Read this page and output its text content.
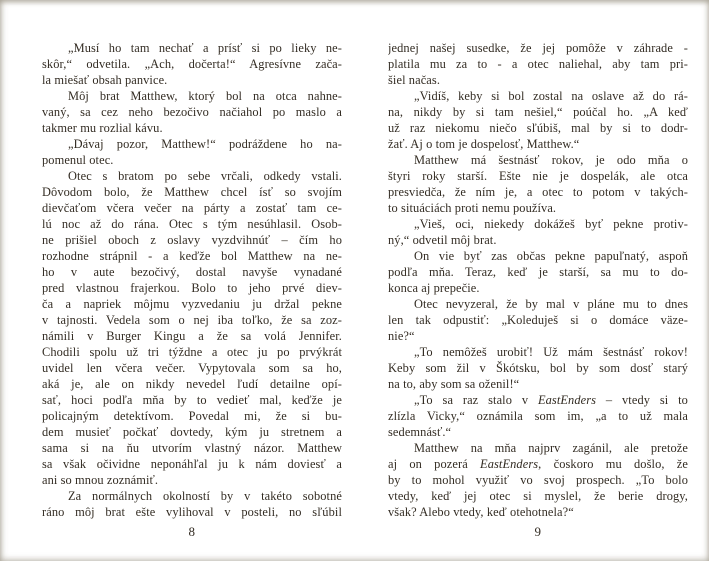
„Musí ho tam nechať a prísť si po lieky ne-
skôr,“ odvetila. „Ach, dočerta!“ Agresívne zača-
la miešať obsah panvice.
Môj brat Matthew, ktorý bol na otca nahne-
vaný, sa cez neho bezočivo načiahol po maslo a
takmer mu rozlial kávu.
„Dávaj pozor, Matthew!“ podráždene ho na-
pomenul otec.
Otec s bratom po sebe vrčali, odkedy vstali.
Dôvodom bolo, že Matthew chcel ísť so svojím
dievčaťom včera večer na párty a zostať tam ce-
lú noc až do rána. Otec s tým nesúhlasil. Osob-
ne prišiel oboch z oslavy vyzdvihnúť – čím ho
rozhodne strápnil - a keďže bol Matthew na ne-
ho v aute bezočivý, dostal navyše vynadané
pred vlastnou frajerkou. Bolo to jeho prvé diev-
ča a napriek môjmu vyzvedaniu ju držal pekne
v tajnosti. Vedela som o nej iba toľko, že sa zoz-
námili v Burger Kingu a že sa volá Jennifer.
Chodili spolu už tri týždne a otec ju po prvýkrát
uvidel len včera večer. Vypytovala som sa ho,
aká je, ale on nikdy nevedel ľudí detailne opí-
sať, hoci podľa mňa by to vedieť mal, keďže je
policajným detektívom. Povedal mi, že si bu-
dem musieť počkať dovtedy, kým ju stretnem a
sama si na ňu utvorím vlastný názor. Matthew
sa však očividne neponáhľal ju k nám doviesť a
ani so mnou zoznámiť.
Za normálnych okolností by v takéto sobotné
ráno môj brat ešte vylihoval v posteli, no sľúbil
8
jednej našej susedke, že jej pomôže v záhrade -
platila mu za to - a otec naliehal, aby tam pri-
šiel načas.
„Vidíš, keby si bol zostal na oslave až do rá-
na, nikdy by si tam nešiel,“ poúčal ho. „A keď
už raz niekomu niečo sľúbiš, mal by si to dodr-
žať. Aj o tom je dospelosť, Matthew.“
Matthew má šestnásť rokov, je odo mňa o
štyri roky starší. Ešte nie je dospelák, ale otca
presviedča, že ním je, a otec to potom v takých-
to situáciách proti nemu používa.
„Vieš, oci, niekedy dokážeš byť pekne protiv-
ný,“ odvetil môj brat.
On vie byť zas občas pekne papuľnatý, aspoň
podľa mňa. Teraz, keď je starší, sa mu to do-
konca aj prepečie.
Otec nevyzeral, že by mal v pláne mu to dnes
len tak odpustiť: „Koleduješ si o domáce väze-
nie?“
„To nemôžeš urobiť! Už mám šestnásť rokov!
Keby som žil v Škótsku, bol by som dosť starý
na to, aby som sa oženil!“
„To sa raz stalo v EastEnders – vtedy si to
zlízla Vicky,“ oznámila som im, „a to už mala
sedemnásť.“
Matthew na mňa najprv zagánil, ale pretože
aj on pozerá EastEnders, čoskoro mu došlo, že
by to mohol využiť vo svoj prospech. „To bolo
vtedy, keď jej otec si myslel, že berie drogy,
však? Alebo vtedy, keď otehotnela?“
9
